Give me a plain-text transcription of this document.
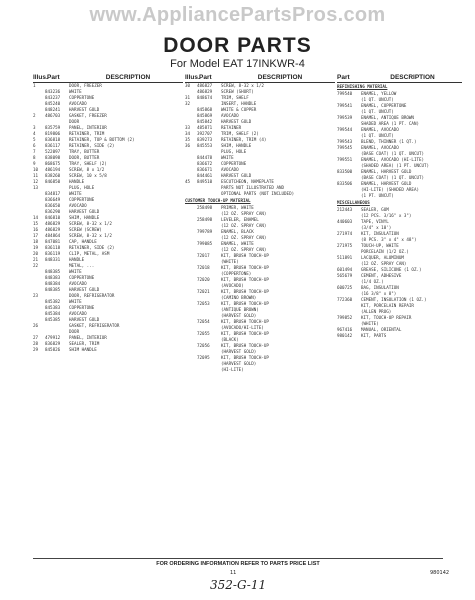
www.AppliancePartsPros.com
DOOR PARTS
For Model EAT 17INKWR-4
Illus. Part	DESCRIPTION
1	DOOR, FREEZER
843236	WHITE
843237	COPPERTONE
845240	AVOCADO
848241	HARVEST GOLD
2	486703	GASKET, FREEZER
DOOR
3	835759	PANEL, INTERIOR
4	819806	RETAINER, TRIM
5	836818	RETAINER, TOP & BOTTOM (2)
6	836117	RETAINER, SIDE (2)
7	522097	TRAY, BUTTER
8	838098	DOOR, BUTTER
9	868675	TRAY, SHELF (2)
10	486194	SCREW, 8 x 1/2
11	838260	SCREW, 10 x 5/8
12	846850	HANDLE
13	PLUG, HOLE
834817	WHITE
836649	COPPERTONE
836650	AVOCADO
836290	HARVEST GOLD
14	846810	SHIM, HANDLE
15	486829	SCREW, 8-32 x 1/2
16	486829	SCREW (SCREW)
17	484864	SCREW, 8-32 x 1/2
18	847081	CAP, HANDLE
19	836118	RETAINER, SIDE (2)
20	836119	CLIP, METAL, ASM
21	848331	HANDLE
22	METAL, ...
848385	WHITE
848383	COPPERTONE
848384	AVOCADO
848385	HARVEST GOLD
23	DOOR, REFRIGERATOR
845382	WHITE
845383	COPPERTONE
845384	AVOCADO
845385	HARVEST GOLD
26	GASKET, REFRIGERATOR
DOOR
27	479912	PANEL, INTERIOR
28	836829	SEALER, TRIM
29	845826	SHIM HANDLE
Illus. Part	DESCRIPTION
30	486827	SCREW, 8-32 x 1/2
486829	SCREW (SHORT)
31	848674	TRIM, SHELF
32	INSERT, HANDLE
845868	WHITE & COPPER
845869	AVOCADO
845842	HARVEST GOLD
33	485871	RETAINER
34	392707	TRIM, SHELF (2)
35	839273	RETAINER, TRIM (4)
36	845553	SHIM, HANDLE
PLUG, HOLE
844478	WHITE
836672	COPPERTONE
836671	AVOCADO
844461	HARVEST GOLD
45	849510	ESCUTCHEON, NAMEPLATE
PARTS NOT ILLUSTRATED AND
OPTIONAL PARTS (NOT INCLUDED)
CUSTOMER TOUCH-UP MATERIAL
258498	PRIMER, WHITE
(12 OZ. SPRAY CAN)
258498	LEVELER, ENAMEL
(12 OZ. SPRAY CAN)
799789	ENAMEL, BLACK
(12 OZ. SPRAY CAN)
799085	ENAMEL, WHITE
(12 OZ. SPRAY CAN)
72017	KIT, BRUSH TOUCH-UP
(WHITE)
72018	KIT, BRUSH TOUCH-UP
(COPPERTONE)
72020	KIT, BRUSH TOUCH-UP
(AVOCADO)
72021	KIT, BRUSH TOUCH-UP
(CAMINO BROWN)
72053	KIT, BRUSH TOUCH-UP
(ANTIQUE BROWN)
(HARVEST GOLD)
72054	KIT, BRUSH TOUCH-UP
(AVOCADO/HI-LITE)
72055	KIT, BRUSH TOUCH-UP
(BLACK)
72056	KIT, BRUSH TOUCH-UP
(HARVEST GOLD)
72095	KIT, BRUSH TOUCH-UP
(HARVEST GOLD)
(HI-LITE)
Part	DESCRIPTION
REFINISHING MATERIAL
799540	ENAMEL, YELLOW
(1 QT. UNCUT)
799541	ENAMEL, COPPERTONE
(1 QT. UNCUT)
799539	ENAMEL, ANTIQUE BROWN
SHADED AREA (1 PT. CAN)
799544	ENAMEL, AVOCADO
(1 QT. UNCUT)
799543	BLEND, THINNER (1 QT.)
799545	ENAMEL, AVOCADO
(BASE COAT) (1 QT. UNCUT)
799551	ENAMEL, AVOCADO (HI-LITE)
(SHADED AREA) (1 PT. UNCUT)
833500	ENAMEL, HARVEST GOLD
(BASE COAT) (1 QT. UNCUT)
833506	ENAMEL, HARVEST GOLD
(HI-LITE) (SHADED AREA)
(1 PT. UNCUT)
MISCELLANEOUS
212443	SEALER, GUM
(12 PCS. 3/16" x 3")
440603	TAPE, VINYL
(3/4" x 10')
271974	KIT, INSULATION
(8 PCS. 3" x 4" x 48")
271975	TOUCH-UP, WHITE
PORCELAIN (1/2 OZ.)
511891	LACQUER, ALUMINUM
(12 OZ. SPRAY CAN)
601494	GREASE, SILICONE (1 OZ.)
565679	CEMENT, ADHESIVE
(1/4 OZ.)
600725	BAG, INSULATION
(16 3/8" x 8")
772360	CEMENT, INSULATION (1 OZ.)
KIT, PORCELAIN REPAIR
(ALLEN PROG)
799852	KIT, TOUCH-UP REPAIR
(WHITE)
967416	MANUAL, ORIENTAL
980142	KIT, PARTS
FOR ORDERING INFORMATION REFER TO PARTS PRICE LIST
11	980142
352-G-11
